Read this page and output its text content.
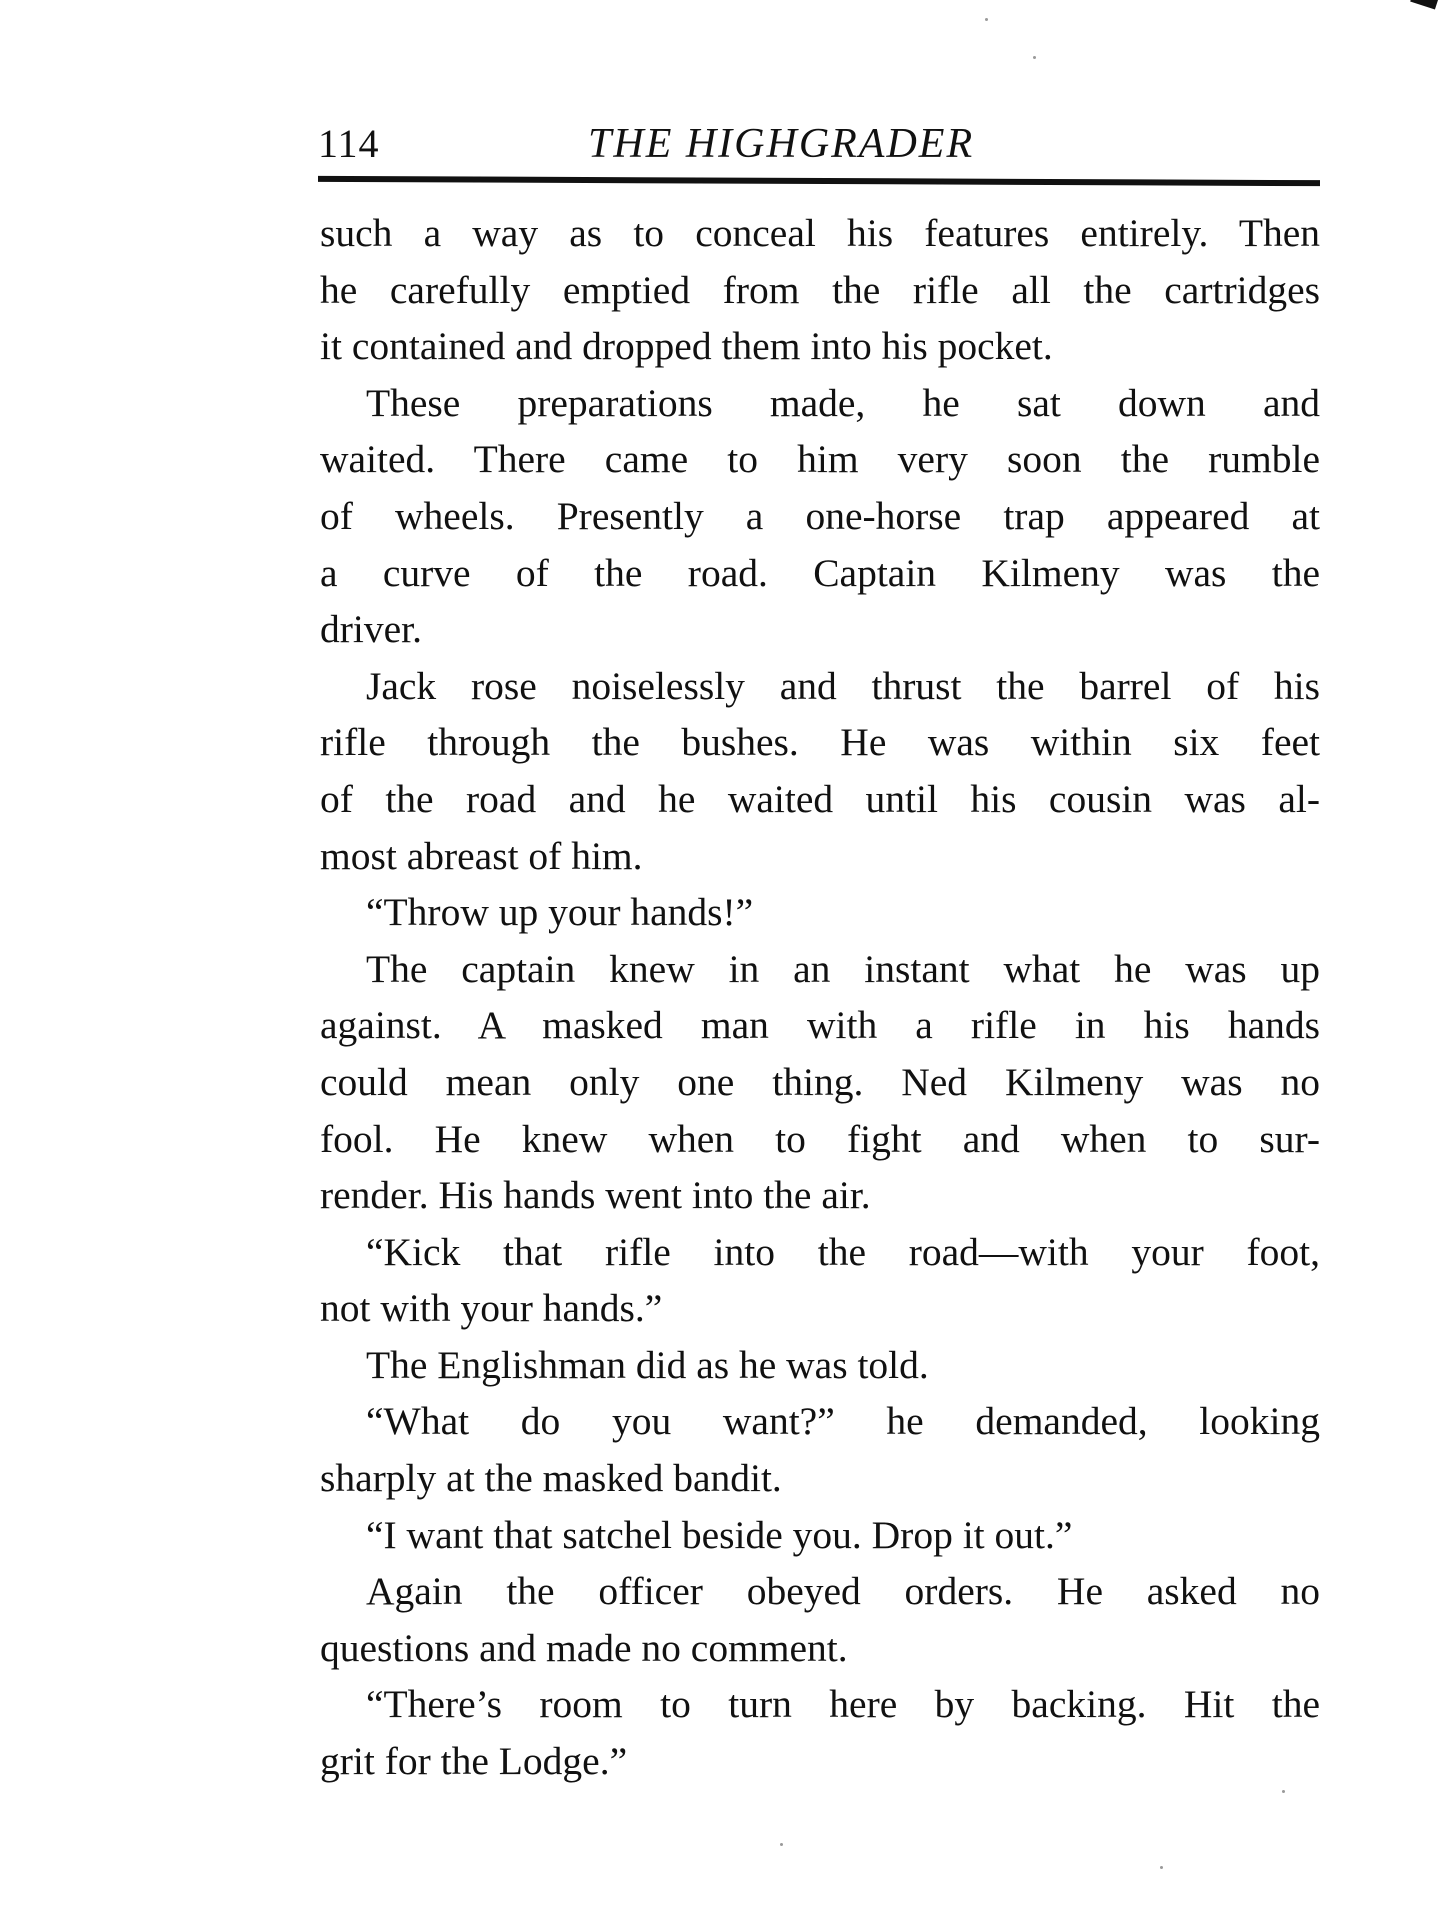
114	THE HIGHGRADER
such a way as to conceal his features entirely. Then
he carefully emptied from the rifle all the cartridges
it contained and dropped them into his pocket.
These preparations made, he sat down and
waited. There came to him very soon the rumble
of wheels. Presently a one-horse trap appeared at
a curve of the road. Captain Kilmeny was the
driver.
Jack rose noiselessly and thrust the barrel of his
rifle through the bushes. He was within six feet
of the road and he waited until his cousin was al-
most abreast of him.
“Throw up your hands!”
The captain knew in an instant what he was up
against. A masked man with a rifle in his hands
could mean only one thing. Ned Kilmeny was no
fool. He knew when to fight and when to sur-
render. His hands went into the air.
“Kick that rifle into the road—with your foot,
not with your hands.”
The Englishman did as he was told.
“What do you want?” he demanded, looking
sharply at the masked bandit.
“I want that satchel beside you. Drop it out.”
Again the officer obeyed orders. He asked no
questions and made no comment.
“There’s room to turn here by backing. Hit the
grit for the Lodge.”
